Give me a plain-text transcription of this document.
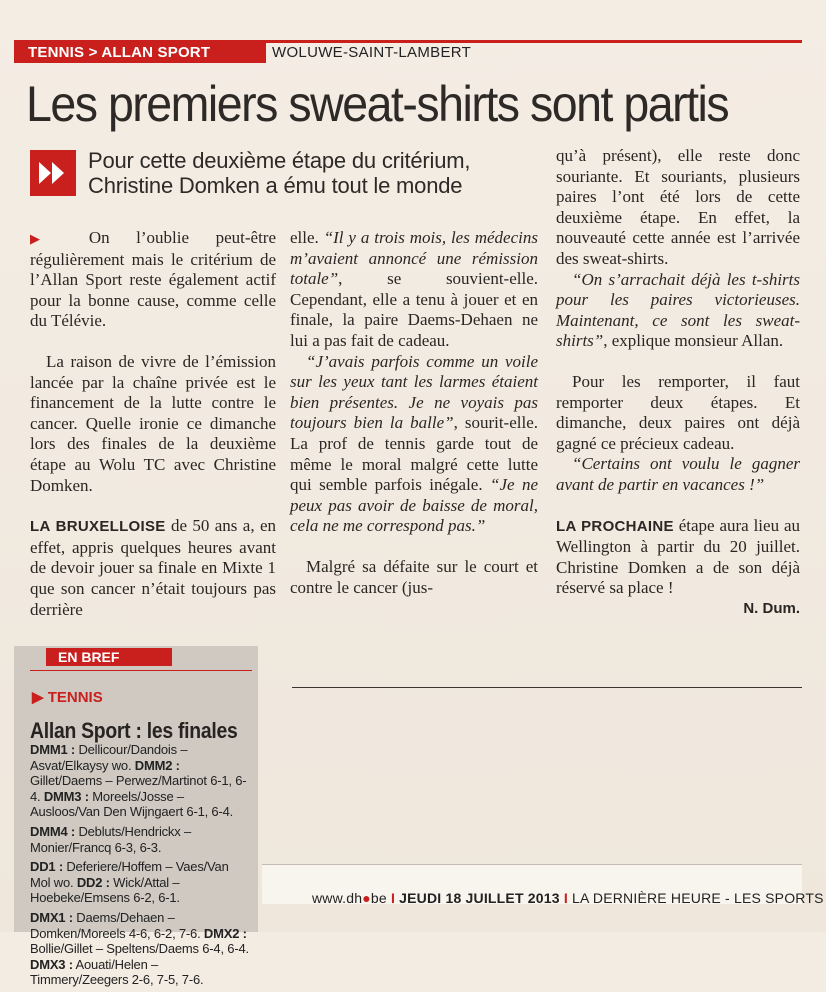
TENNIS > ALLAN SPORT	WOLUWE-SAINT-LAMBERT
Les premiers sweat-shirts sont partis
Pour cette deuxième étape du critérium, Christine Domken a ému tout le monde

▶ On l’oublie peut-être régulièrement mais le critérium de l’Allan Sport reste également actif pour la bonne cause, comme celle du Télévie.

La raison de vivre de l’émission lancée par la chaîne privée est le financement de la lutte contre le cancer. Quelle ironie ce dimanche lors des finales de la deuxième étape au Wolu TC avec Christine Domken.

LA BRUXELLOISE de 50 ans a, en effet, appris quelques heures avant de devoir jouer sa finale en Mixte 1 que son cancer n’était toujours pas derrière

elle. “Il y a trois mois, les médecins m’avaient annoncé une rémission totale”, se souvient-elle. Cependant, elle a tenu à jouer et en finale, la paire Daems-Dehaen ne lui a pas fait de cadeau.

“J’avais parfois comme un voile sur les yeux tant les larmes étaient bien présentes. Je ne voyais pas toujours bien la balle”, sourit-elle. La prof de tennis garde tout de même le moral malgré cette lutte qui semble parfois inégale. “Je ne peux pas avoir de baisse de moral, cela ne me correspond pas.”

Malgré sa défaite sur le court et contre le cancer (jus-

qu’à présent), elle reste donc souriante. Et souriants, plusieurs paires l’ont été lors de cette deuxième étape. En effet, la nouveauté cette année est l’arrivée des sweat-shirts.

“On s’arrachait déjà les t-shirts pour les paires victorieuses. Maintenant, ce sont les sweat-shirts”, explique monsieur Allan.

Pour les remporter, il faut remporter deux étapes. Et dimanche, deux paires ont déjà gagné ce précieux cadeau.

“Certains ont voulu le gagner avant de partir en vacances !”

LA PROCHAINE étape aura lieu au Wellington à partir du 20 juillet. Christine Domken a de son déjà réservé sa place !

N. Dum.

EN BREF
▶ TENNIS
Allan Sport : les finales

DMM1 : Dellicour/Dandois – Asvat/Elkaysy wo. DMM2 : Gillet/Daems – Perwez/Martinot 6-1, 6-4. DMM3 : Moreels/Josse – Ausloos/Van Den Wijngaert 6-1, 6-4.

DMM4 : Debluts/Hendrickx – Monier/Francq 6-3, 6-3.

DD1 : Deferiere/Hoffem – Vaes/Van Mol wo. DD2 : Wick/Attal – Hoebeke/Emsens 6-2, 6-1.

DMX1 : Daems/Dehaen – Domken/Moreels 4-6, 6-2, 7-6. DMX2 : Bollie/Gillet – Speltens/Daems 6-4, 6-4. DMX3 : Aouati/Helen – Timmery/Zeegers 2-6, 7-5, 7-6.

www.dh●be I JEUDI 18 JUILLET 2013 I LA DERNIÈRE HEURE - LES SPORTS
